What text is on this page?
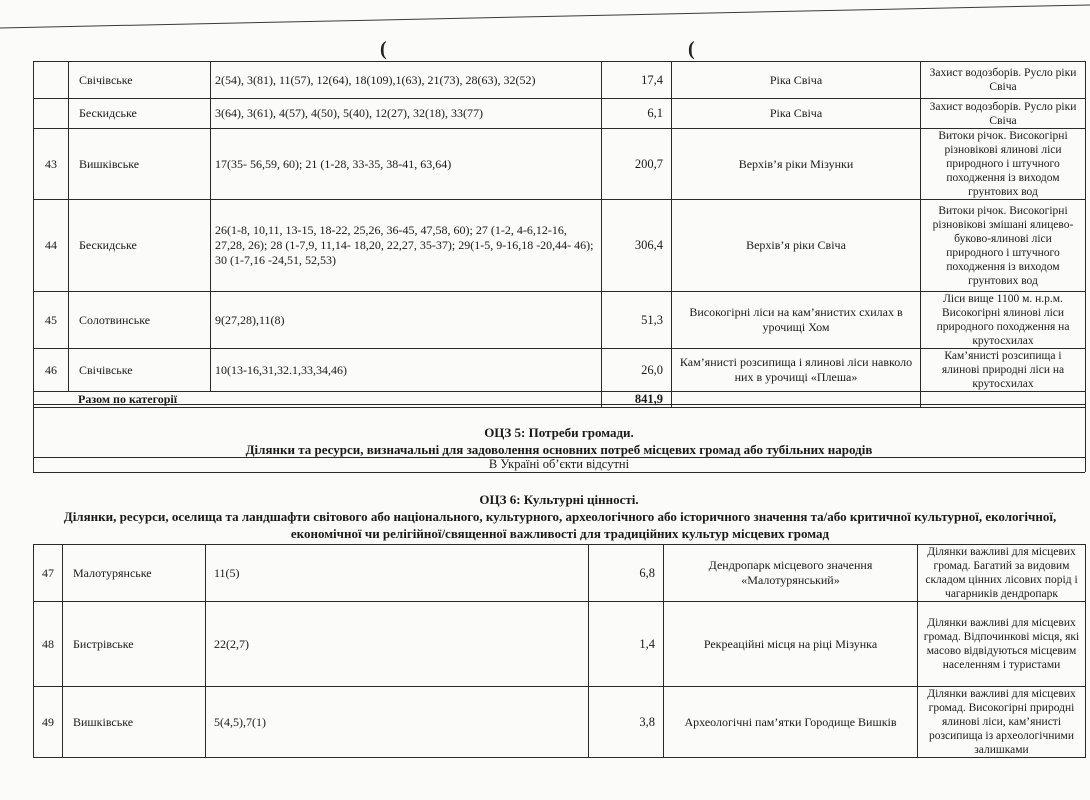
(	(
	Свічівське	2(54), 3(81), 11(57), 12(64), 18(109),1(63), 21(73), 28(63), 32(52)	17,4	Ріка Свіча	Захист водозборів. Русло ріки Свіча
	Бескидське	3(64), 3(61), 4(57), 4(50), 5(40), 12(27), 32(18), 33(77)	6,1	Ріка Свіча	Захист водозборів. Русло ріки Свіча
43	Вишківське	17(35- 56,59, 60); 21 (1-28, 33-35, 38-41, 63,64)	200,7	Верхів’я ріки Мізунки	Витоки річок. Високогірні різновікові ялинові ліси природного і штучного походження із виходом грунтових вод
44	Бескидське	26(1-8, 10,11, 13-15, 18-22, 25,26, 36-45, 47,58, 60); 27 (1-2, 4-6,12-16, 27,28, 26); 28 (1-7,9, 11,14- 18,20, 22,27, 35-37); 29(1-5, 9-16,18 -20,44- 46); 30 (1-7,16 -24,51, 52,53)	306,4	Верхів’я ріки Свіча	Витоки річок. Високогірні різновікові змішані ялицево-буково-ялинові ліси природного і штучного походження із виходом грунтових вод
45	Солотвинське	9(27,28),11(8)	51,3	Високогірні ліси на кам’янистих схилах в урочищі Хом	Ліси вище 1100 м. н.р.м. Високогірні ялинові ліси природного походження на крутосхилах
46	Свічівське	10(13-16,31,32.1,33,34,46)	26,0	Кам’янисті розсипища і ялинові ліси навколо них в урочищі «Плеша»	Кам’янисті розсипища і ялинові природні ліси на крутосхилах
Разом по категорії			841,9		
ОЦЗ 5: Потреби громади.
Ділянки та ресурси, визначальні для задоволення основних потреб місцевих громад або тубільних народів
В Україні об’єкти відсутні
ОЦЗ 6: Культурні цінності.
Ділянки, ресурси, оселища та ландшафти світового або національного, культурного, археологічного або історичного значення та/або критичної культурної, екологічної, економічної чи релігійної/священної важливості для традиційних культур місцевих громад
47	Малотурянське	11(5)	6,8	Дендропарк місцевого значення «Малотурянський»	Ділянки важливі для місцевих громад. Багатий за видовим складом цінних лісових порід і чагарників дендропарк
48	Бистрівське	22(2,7)	1,4	Рекреаційні місця на ріці Мізунка	Ділянки важливі для місцевих громад. Відпочинкові місця, які масово відвідуються місцевим населенням і туристами
49	Вишківське	5(4,5),7(1)	3,8	Археологічні пам’ятки Городище Вишків	Ділянки важливі для місцевих громад. Високогірні природні ялинові ліси, кам’янисті розсипища із археологічними залишками
